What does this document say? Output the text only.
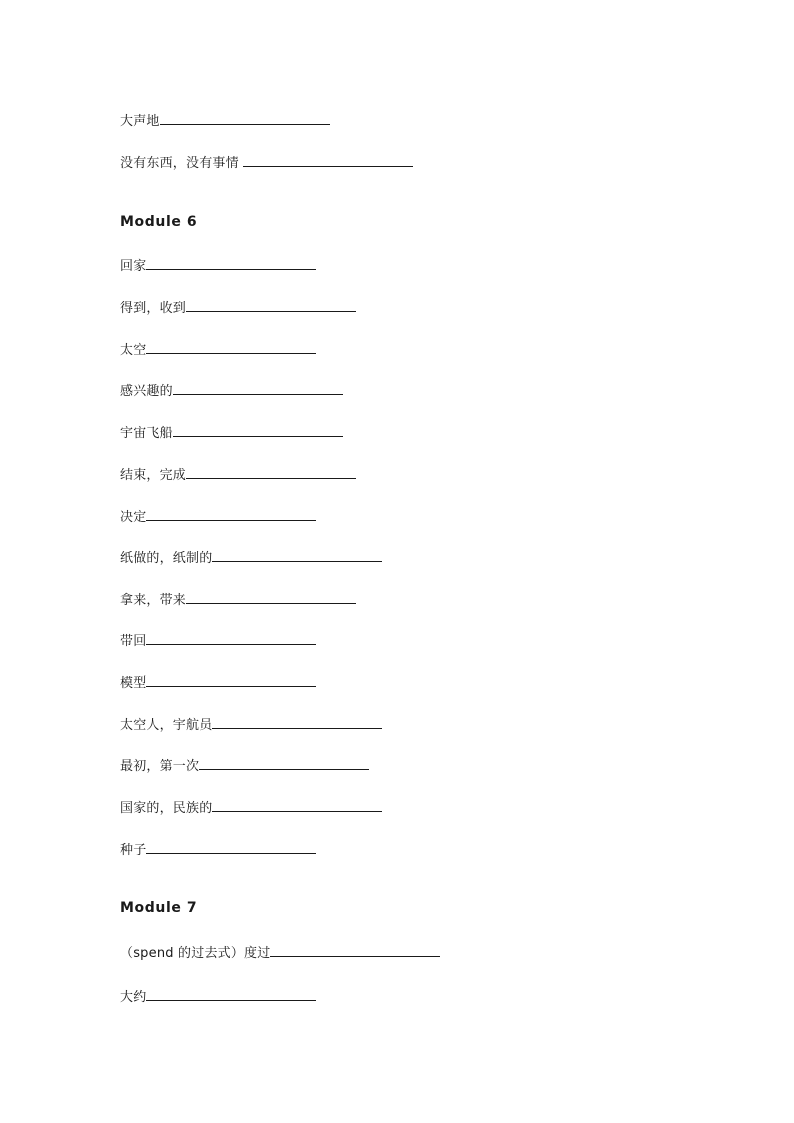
大声地
没有东西，没有事情
Module 6
回家
得到，收到
太空
感兴趣的
宇宙飞船
结束，完成
决定
纸做的，纸制的
拿来，带来
带回
模型
太空人，宇航员
最初，第一次
国家的，民族的
种子
Module 7
（spend 的过去式）度过
大约
